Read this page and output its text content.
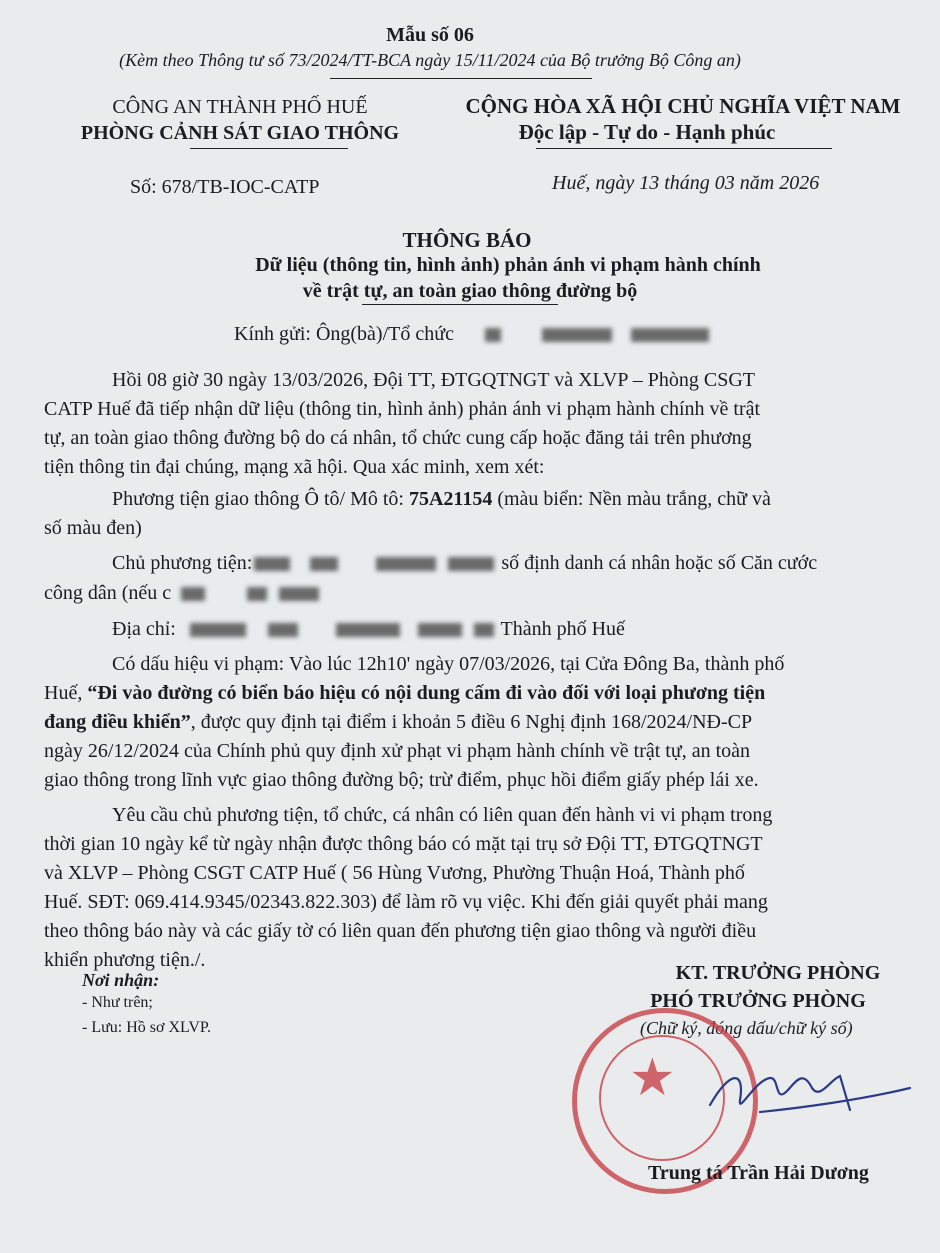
Mẫu số 06
(Kèm theo Thông tư số 73/2024/TT-BCA ngày 15/11/2024 của Bộ trưởng Bộ Công an)
CÔNG AN THÀNH PHỐ HUẾ
PHÒNG CẢNH SÁT GIAO THÔNG
Số: 678/TB-IOC-CATP
CỘNG HÒA XÃ HỘI CHỦ NGHĨA VIỆT NAM
Độc lập - Tự do - Hạnh phúc
Huế, ngày 13 tháng 03 năm 2026
THÔNG BÁO
Dữ liệu (thông tin, hình ảnh) phản ánh vi phạm hành chính
về trật tự, an toàn giao thông đường bộ
Kính gửi: Ông(bà)/Tổ chức
Hồi 08 giờ 30 ngày 13/03/2026, Đội TT, ĐTGQTNGT và XLVP – Phòng CSGT
CATP Huế đã tiếp nhận dữ liệu (thông tin, hình ảnh) phản ánh vi phạm hành chính về trật
tự, an toàn giao thông đường bộ do cá nhân, tổ chức cung cấp hoặc đăng tải trên phương
tiện thông tin đại chúng, mạng xã hội. Qua xác minh, xem xét:
Phương tiện giao thông Ô tô/ Mô tô: 75A21154 (màu biển: Nền màu trắng, chữ và
số màu đen)
Chủ phương tiện:	số định danh cá nhân hoặc số Căn cước
công dân (nếu c
Địa chỉ:	Thành phố Huế
Có dấu hiệu vi phạm: Vào lúc 12h10' ngày 07/03/2026, tại Cửa Đông Ba, thành phố
Huế, “Đi vào đường có biển báo hiệu có nội dung cấm đi vào đối với loại phương tiện
đang điều khiển”, được quy định tại điểm i khoản 5 điều 6 Nghị định 168/2024/NĐ-CP
ngày 26/12/2024 của Chính phủ quy định xử phạt vi phạm hành chính về trật tự, an toàn
giao thông trong lĩnh vực giao thông đường bộ; trừ điểm, phục hồi điểm giấy phép lái xe.
Yêu cầu chủ phương tiện, tổ chức, cá nhân có liên quan đến hành vi vi phạm trong
thời gian 10 ngày kể từ ngày nhận được thông báo có mặt tại trụ sở Đội TT, ĐTGQTNGT
và XLVP – Phòng CSGT CATP Huế ( 56 Hùng Vương, Phường Thuận Hoá, Thành phố
Huế. SĐT: 069.414.9345/02343.822.303) để làm rõ vụ việc. Khi đến giải quyết phải mang
theo thông báo này và các giấy tờ có liên quan đến phương tiện giao thông và người điều
khiển phương tiện./.
Nơi nhận:
- Như trên;
- Lưu: Hồ sơ XLVP.
KT. TRƯỞNG PHÒNG
PHÓ TRƯỞNG PHÒNG
(Chữ ký, đóng dấu/chữ ký số)
★
Trung tá Trần Hải Dương
